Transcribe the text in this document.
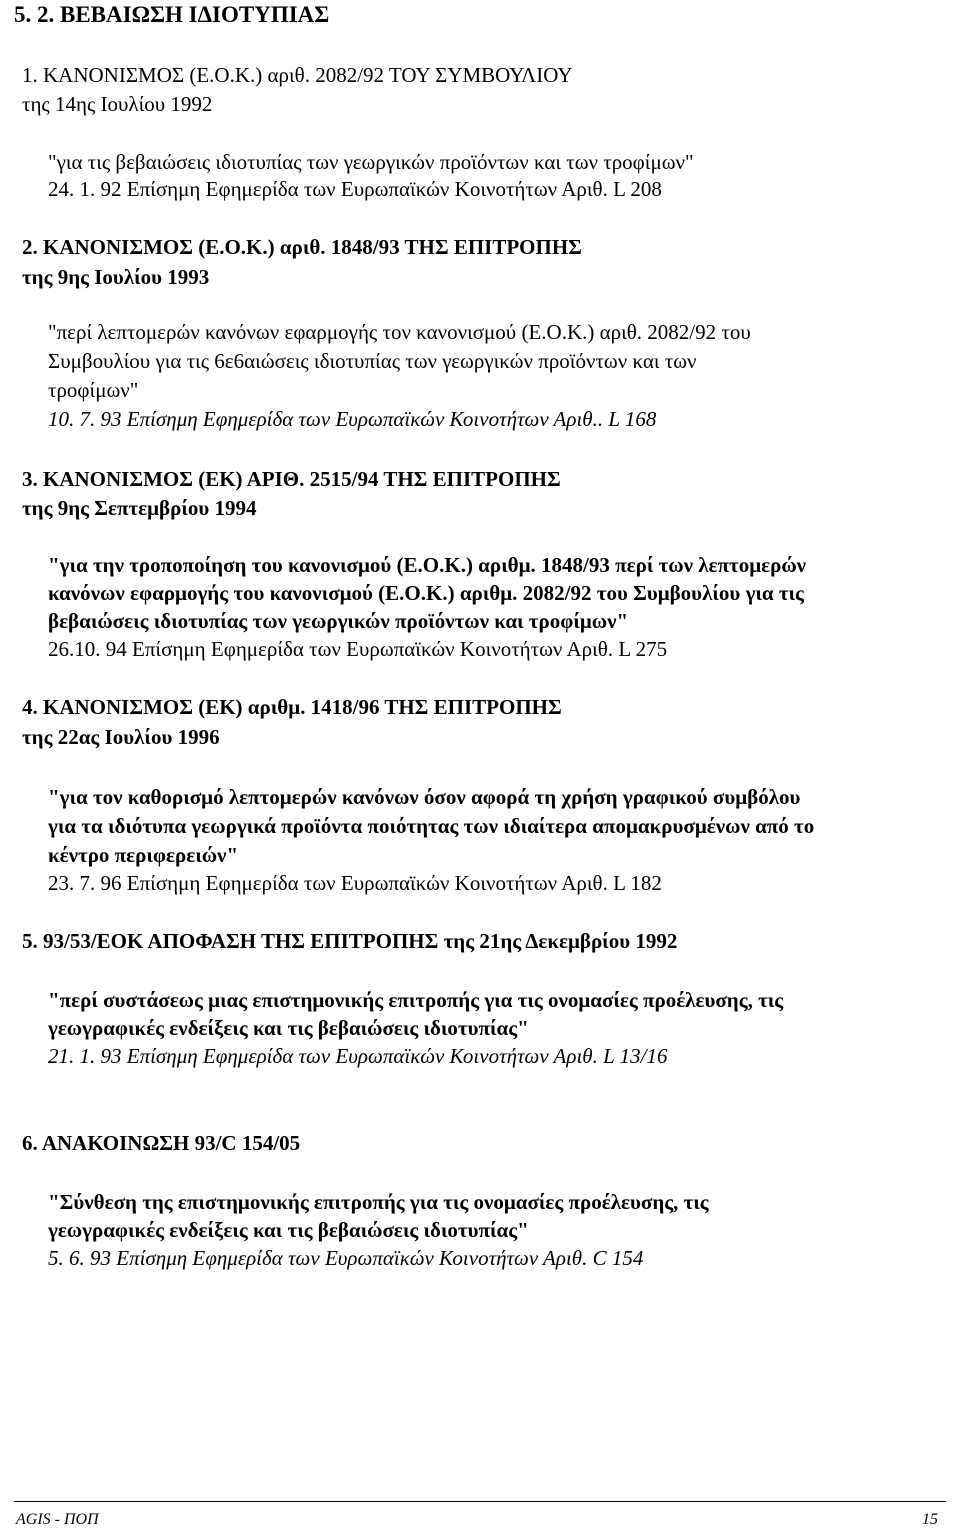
5. 2. ΒΕΒΑΙΩΣΗ ΙΔΙΟΤΥΠΙΑΣ
1. ΚΑΝΟΝΙΣΜΟΣ (Ε.Ο.Κ.) αριθ. 2082/92 ΤΟΥ ΣΥΜΒΟΥΛΙΟΥ
της 14ης Ιουλίου 1992
"για τις βεβαιώσεις ιδιοτυπίας των γεωργικών προϊόντων και των τροφίμων"
24. 1. 92 Επίσημη Εφημερίδα των Ευρωπαϊκών Κοινοτήτων Αριθ. L 208
2. ΚΑΝΟΝΙΣΜΟΣ (Ε.Ο.Κ.) αριθ. 1848/93 ΤΗΣ ΕΠΙΤΡΟΠΗΣ
της 9ης Ιουλίου 1993
"περί λεπτομερών κανόνων εφαρμογής τον κανονισμού (Ε.Ο.Κ.) αριθ. 2082/92 του
Συμβουλίου για τις 6ε6αιώσεις ιδιοτυπίας των γεωργικών προϊόντων και των
τροφίμων"
10. 7. 93 Επίσημη Εφημερίδα των Ευρωπαϊκών Κοινοτήτων Αριθ.. L 168
3. ΚΑΝΟΝΙΣΜΟΣ (ΕΚ) ΑΡΙΘ. 2515/94 ΤΗΣ ΕΠΙΤΡΟΠΗΣ
της 9ης Σεπτεμβρίου 1994
"για την τροποποίηση του κανονισμού (Ε.Ο.Κ.) αριθμ. 1848/93 περί των λεπτομερών
κανόνων εφαρμογής του κανονισμού (Ε.Ο.Κ.) αριθμ. 2082/92 του Συμβουλίου για τις
βεβαιώσεις ιδιοτυπίας των γεωργικών προϊόντων και τροφίμων"
26.10. 94 Επίσημη Εφημερίδα των Ευρωπαϊκών Κοινοτήτων Αριθ. L 275
4. ΚΑΝΟΝΙΣΜΟΣ (ΕΚ) αριθμ. 1418/96 ΤΗΣ ΕΠΙΤΡΟΠΗΣ
της 22ας Ιουλίου 1996
"για τον καθορισμό λεπτομερών κανόνων όσον αφορά τη χρήση γραφικού συμβόλου
για τα ιδιότυπα γεωργικά προϊόντα ποιότητας των ιδιαίτερα απομακρυσμένων από το
κέντρο περιφερειών"
23. 7. 96 Επίσημη Εφημερίδα των Ευρωπαϊκών Κοινοτήτων Αριθ. L 182
5. 93/53/ΕΟΚ ΑΠΟΦΑΣΗ ΤΗΣ ΕΠΙΤΡΟΠΗΣ της 21ης Δεκεμβρίου 1992
"περί συστάσεως μιας επιστημονικής επιτροπής για τις ονομασίες προέλευσης, τις
γεωγραφικές ενδείξεις και τις βεβαιώσεις ιδιοτυπίας"
21. 1. 93 Επίσημη Εφημερίδα των Ευρωπαϊκών Κοινοτήτων Αριθ. L 13/16
6. ΑΝΑΚΟΙΝΩΣΗ 93/C 154/05
"Σύνθεση της επιστημονικής επιτροπής για τις ονομασίες προέλευσης, τις
γεωγραφικές ενδείξεις και τις βεβαιώσεις ιδιοτυπίας"
5. 6. 93 Επίσημη Εφημερίδα των Ευρωπαϊκών Κοινοτήτων Αριθ. C 154
AGIS - ΠΟΠ	15
